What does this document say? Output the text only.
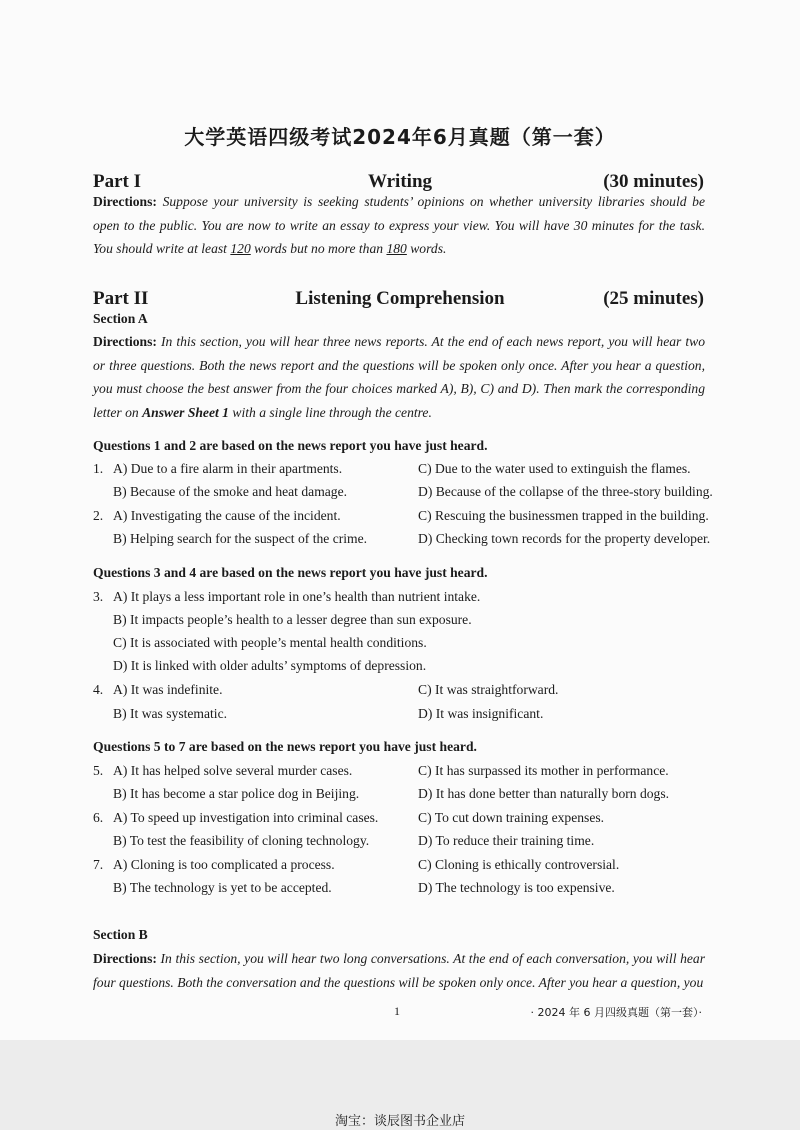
大学英语四级考试2024年6月真题（第一套）
Part I	Writing	(30 minutes)
Directions: Suppose your university is seeking students’ opinions on whether university libraries should be open to the public. You are now to write an essay to express your view. You will have 30 minutes for the task. You should write at least 120 words but no more than 180 words.
Part II	Listening Comprehension	(25 minutes)
Section A
Directions: In this section, you will hear three news reports. At the end of each news report, you will hear two or three questions. Both the news report and the questions will be spoken only once. After you hear a question, you must choose the best answer from the four choices marked A), B), C) and D). Then mark the corresponding letter on Answer Sheet 1 with a single line through the centre.
Questions 1 and 2 are based on the news report you have just heard.
1. A) Due to a fire alarm in their apartments.	C) Due to the water used to extinguish the flames.
B) Because of the smoke and heat damage.	D) Because of the collapse of the three-story building.
2. A) Investigating the cause of the incident.	C) Rescuing the businessmen trapped in the building.
B) Helping search for the suspect of the crime.	D) Checking town records for the property developer.
Questions 3 and 4 are based on the news report you have just heard.
3. A) It plays a less important role in one’s health than nutrient intake.
B) It impacts people’s health to a lesser degree than sun exposure.
C) It is associated with people’s mental health conditions.
D) It is linked with older adults’ symptoms of depression.
4. A) It was indefinite.	C) It was straightforward.
B) It was systematic.	D) It was insignificant.
Questions 5 to 7 are based on the news report you have just heard.
5. A) It has helped solve several murder cases.	C) It has surpassed its mother in performance.
B) It has become a star police dog in Beijing.	D) It has done better than naturally born dogs.
6. A) To speed up investigation into criminal cases.	C) To cut down training expenses.
B) To test the feasibility of cloning technology.	D) To reduce their training time.
7. A) Cloning is too complicated a process.	C) Cloning is ethically controversial.
B) The technology is yet to be accepted.	D) The technology is too expensive.
Section B
Directions: In this section, you will hear two long conversations. At the end of each conversation, you will hear four questions. Both the conversation and the questions will be spoken only once. After you hear a question, you
1	· 2024 年 6 月四级真题（第一套）·
淘宝：谈辰图书企业店
